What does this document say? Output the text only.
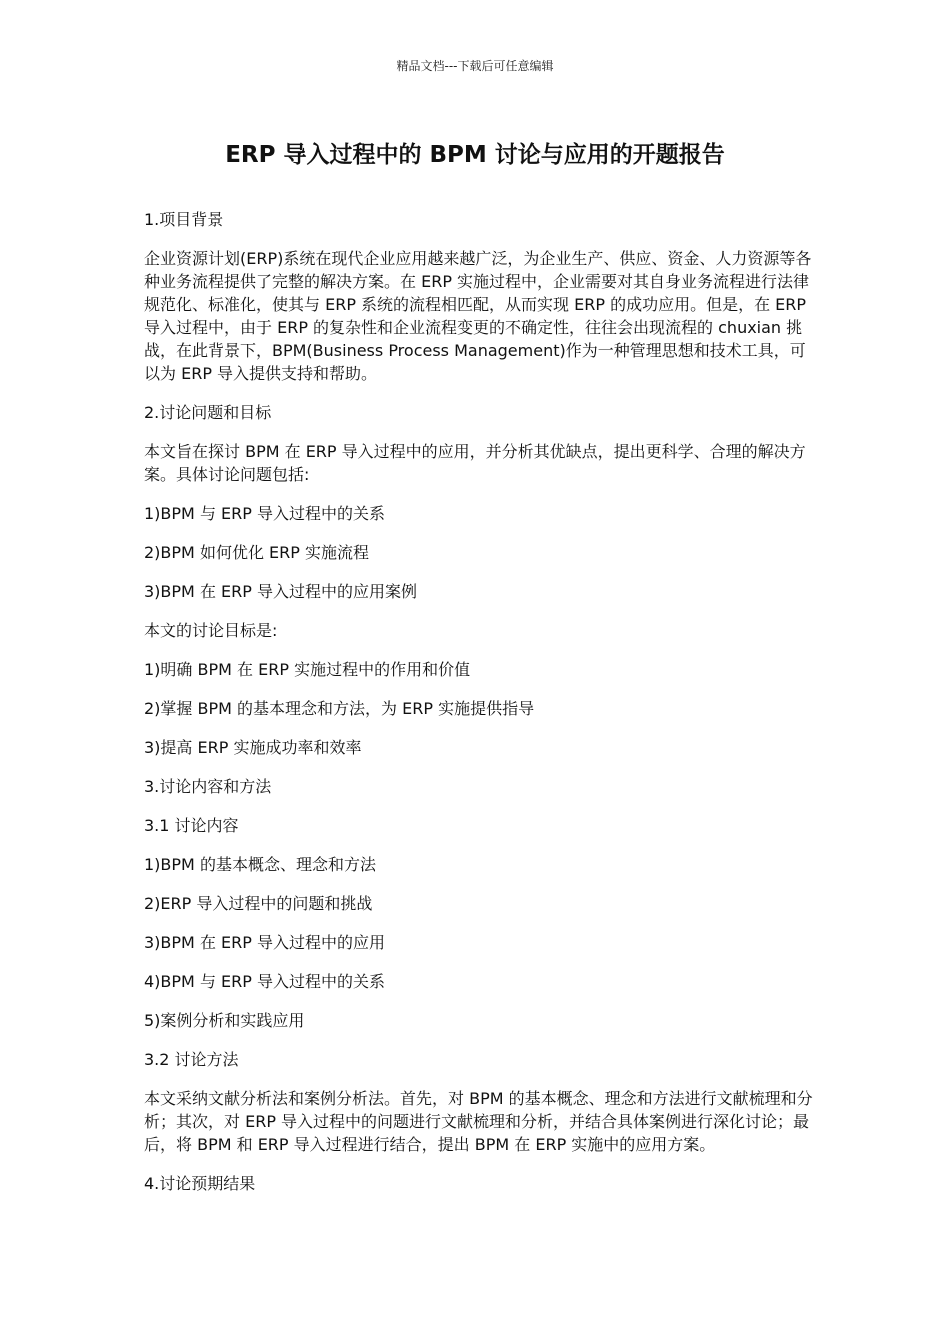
精品文档---下载后可任意编辑
ERP 导入过程中的 BPM 讨论与应用的开题报告

1.项目背景

企业资源计划(ERP)系统在现代企业应用越来越广泛，为企业生产、供应、资金、人力资源等各种业务流程提供了完整的解决方案。在 ERP 实施过程中，企业需要对其自身业务流程进行法律规范化、标准化，使其与 ERP 系统的流程相匹配，从而实现 ERP 的成功应用。但是，在 ERP 导入过程中，由于 ERP 的复杂性和企业流程变更的不确定性，往往会出现流程的 chuxian 挑战，在此背景下，BPM(Business Process Management)作为一种管理思想和技术工具，可以为 ERP 导入提供支持和帮助。

2.讨论问题和目标

本文旨在探讨 BPM 在 ERP 导入过程中的应用，并分析其优缺点，提出更科学、合理的解决方案。具体讨论问题包括:

1)BPM 与 ERP 导入过程中的关系

2)BPM 如何优化 ERP 实施流程

3)BPM 在 ERP 导入过程中的应用案例

本文的讨论目标是:

1)明确 BPM 在 ERP 实施过程中的作用和价值

2)掌握 BPM 的基本理念和方法，为 ERP 实施提供指导

3)提高 ERP 实施成功率和效率

3.讨论内容和方法

3.1 讨论内容

1)BPM 的基本概念、理念和方法

2)ERP 导入过程中的问题和挑战

3)BPM 在 ERP 导入过程中的应用

4)BPM 与 ERP 导入过程中的关系

5)案例分析和实践应用

3.2 讨论方法

本文采纳文献分析法和案例分析法。首先，对 BPM 的基本概念、理念和方法进行文献梳理和分析；其次，对 ERP 导入过程中的问题进行文献梳理和分析，并结合具体案例进行深化讨论；最后，将 BPM 和 ERP 导入过程进行结合，提出 BPM 在 ERP 实施中的应用方案。

4.讨论预期结果
